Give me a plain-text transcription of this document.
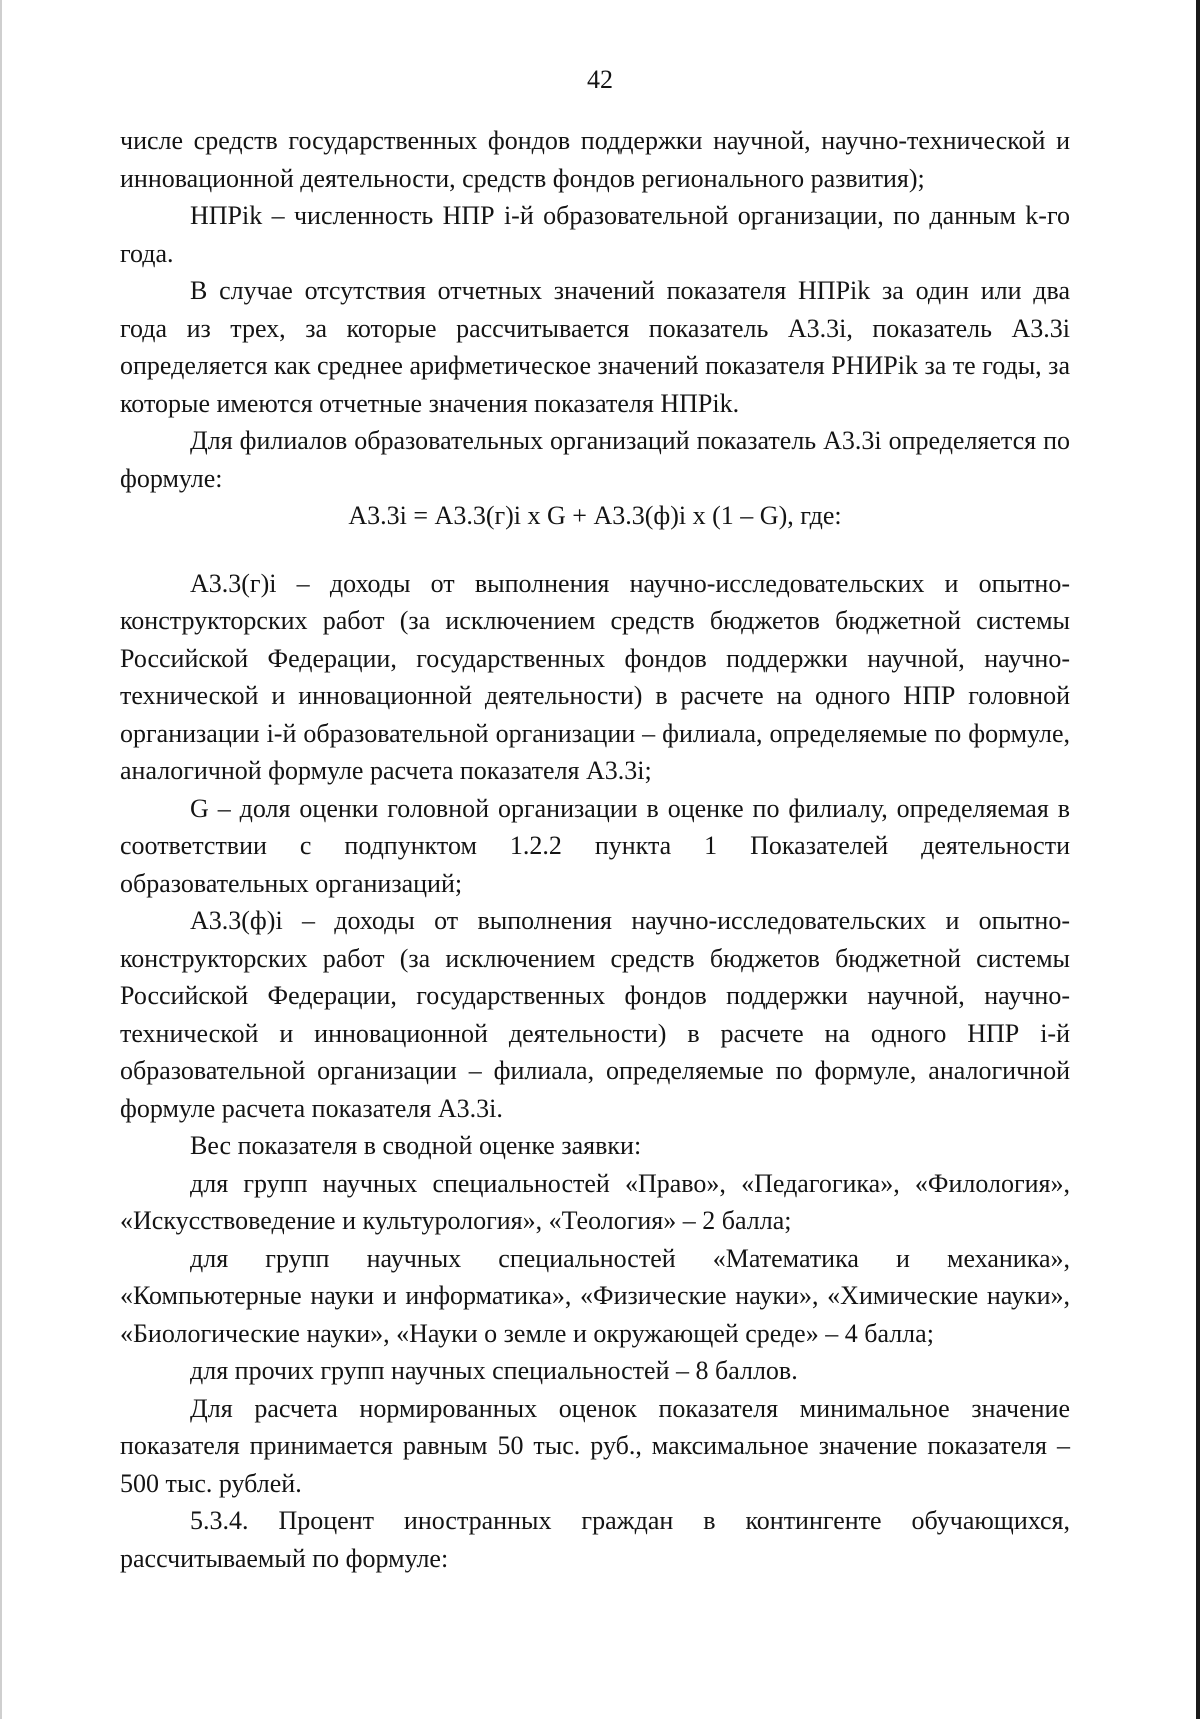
42

числе средств государственных фондов поддержки научной, научно-технической и инновационной деятельности, средств фондов регионального развития);

НПРik – численность НПР i-й образовательной организации, по данным k-го года.

В случае отсутствия отчетных значений показателя НПРik за один или два года из трех, за которые рассчитывается показатель А3.3i, показатель А3.3i определяется как среднее арифметическое значений показателя РНИРik за те годы, за которые имеются отчетные значения показателя НПРik.

Для филиалов образовательных организаций показатель А3.3i определяется по формуле:

А3.3i = А3.3(г)i x G + А3.3(ф)i x (1 – G), где:

А3.3(г)i – доходы от выполнения научно-исследовательских и опытно-конструкторских работ (за исключением средств бюджетов бюджетной системы Российской Федерации, государственных фондов поддержки научной, научно-технической и инновационной деятельности) в расчете на одного НПР головной организации i-й образовательной организации – филиала, определяемые по формуле, аналогичной формуле расчета показателя А3.3i;

G – доля оценки головной организации в оценке по филиалу, определяемая в соответствии с подпунктом 1.2.2 пункта 1 Показателей деятельности образовательных организаций;

А3.3(ф)i – доходы от выполнения научно-исследовательских и опытно-конструкторских работ (за исключением средств бюджетов бюджетной системы Российской Федерации, государственных фондов поддержки научной, научно-технической и инновационной деятельности) в расчете на одного НПР i-й образовательной организации – филиала, определяемые по формуле, аналогичной формуле расчета показателя А3.3i.

Вес показателя в сводной оценке заявки:

для групп научных специальностей «Право», «Педагогика», «Филология», «Искусствоведение и культурология», «Теология» – 2 балла;

для групп научных специальностей «Математика и механика», «Компьютерные науки и информатика», «Физические науки», «Химические науки», «Биологические науки», «Науки о земле и окружающей среде» – 4 балла;

для прочих групп научных специальностей – 8 баллов.

Для расчета нормированных оценок показателя минимальное значение показателя принимается равным 50 тыс. руб., максимальное значение показателя – 500 тыс. рублей.

5.3.4. Процент иностранных граждан в контингенте обучающихся, рассчитываемый по формуле:
